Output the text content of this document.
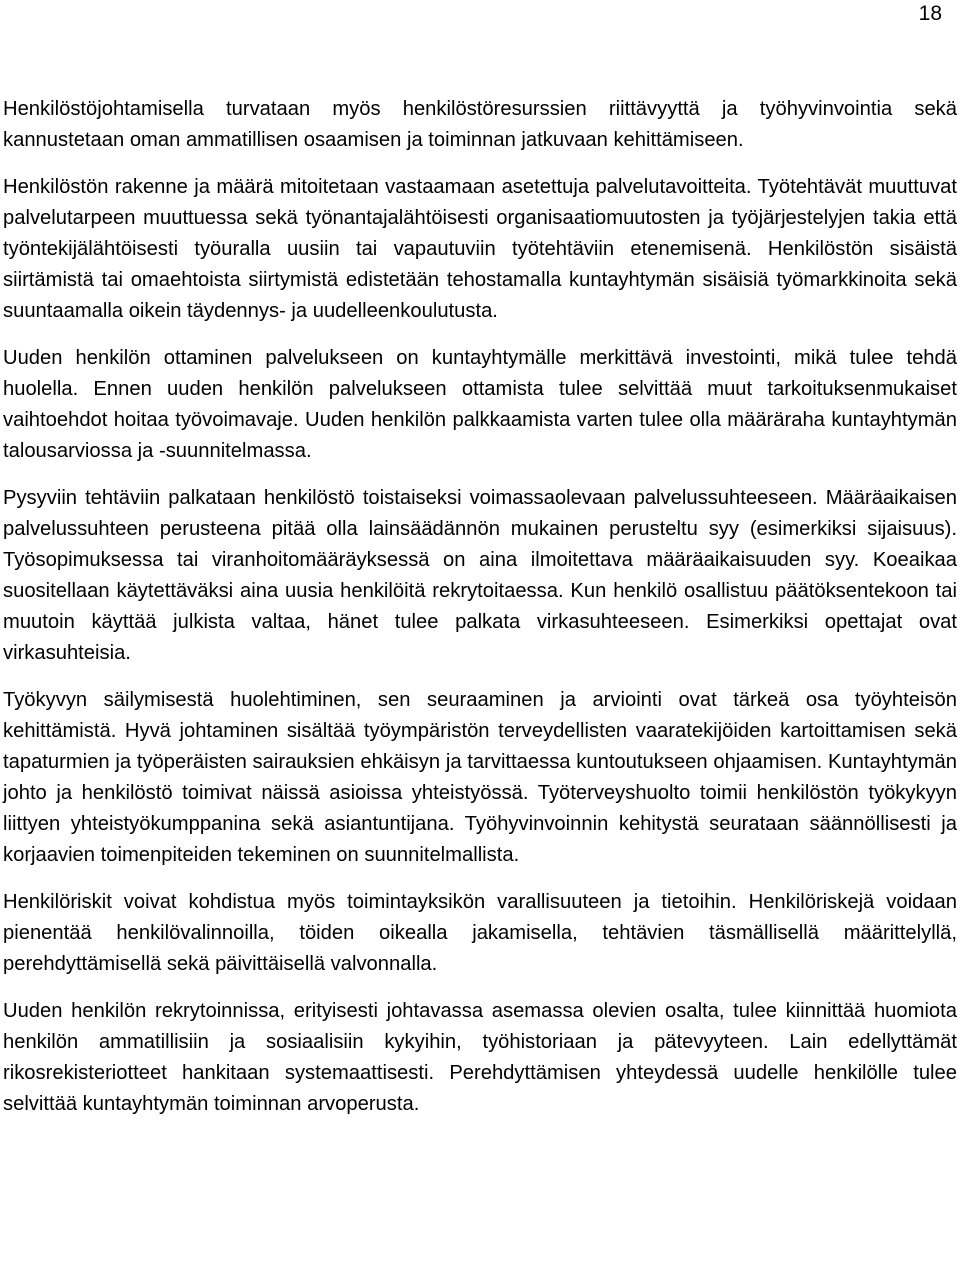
18

Henkilöstöjohtamisella turvataan myös henkilöstöresurssien riittävyyttä ja työhyvinvointia sekä kannustetaan oman ammatillisen osaamisen ja toiminnan jatkuvaan kehittämiseen.

Henkilöstön rakenne ja määrä mitoitetaan vastaamaan asetettuja palvelutavoitteita. Työtehtävät muuttuvat palvelutarpeen muuttuessa sekä työnantajalähtöisesti organisaatiomuutosten ja työjärjestelyjen takia että työntekijälähtöisesti työuralla uusiin tai vapautuviin työtehtäviin etenemisenä. Henkilöstön sisäistä siirtämistä tai omaehtoista siirtymistä edistetään tehostamalla kuntayhtymän sisäisiä työmarkkinoita sekä suuntaamalla oikein täydennys- ja uudelleenkoulutusta.

Uuden henkilön ottaminen palvelukseen on kuntayhtymälle merkittävä investointi, mikä tulee tehdä huolella. Ennen uuden henkilön palvelukseen ottamista tulee selvittää muut tarkoituksenmukaiset vaihtoehdot hoitaa työvoimavaje. Uuden henkilön palkkaamista varten tulee olla määräraha kuntayhtymän talousarviossa ja -suunnitelmassa.

Pysyviin tehtäviin palkataan henkilöstö toistaiseksi voimassaolevaan palvelussuhteeseen. Määräaikaisen palvelussuhteen perusteena pitää olla lainsäädännön mukainen perusteltu syy (esimerkiksi sijaisuus). Työsopimuksessa tai viranhoitomääräyksessä on aina ilmoitettava määräaikaisuuden syy. Koeaikaa suositellaan käytettäväksi aina uusia henkilöitä rekrytoitaessa. Kun henkilö osallistuu päätöksentekoon tai muutoin käyttää julkista valtaa, hänet tulee palkata virkasuhteeseen. Esimerkiksi opettajat ovat virkasuhteisia.

Työkyvyn säilymisestä huolehtiminen, sen seuraaminen ja arviointi ovat tärkeä osa työyhteisön kehittämistä. Hyvä johtaminen sisältää työympäristön terveydellisten vaaratekijöiden kartoittamisen sekä tapaturmien ja työperäisten sairauksien ehkäisyn ja tarvittaessa kuntoutukseen ohjaamisen. Kuntayhtymän johto ja henkilöstö toimivat näissä asioissa yhteistyössä. Työterveyshuolto toimii henkilöstön työkykyyn liittyen yhteistyökumppanina sekä asiantuntijana. Työhyvinvoinnin kehitystä seurataan säännöllisesti ja korjaavien toimenpiteiden tekeminen on suunnitelmallista.

Henkilöriskit voivat kohdistua myös toimintayksikön varallisuuteen ja tietoihin. Henkilöriskejä voidaan pienentää henkilövalinnoilla, töiden oikealla jakamisella, tehtävien täsmällisellä määrittelyllä, perehdyttämisellä sekä päivittäisellä valvonnalla.

Uuden henkilön rekrytoinnissa, erityisesti johtavassa asemassa olevien osalta, tulee kiinnittää huomiota henkilön ammatillisiin ja sosiaalisiin kykyihin, työhistoriaan ja pätevyyteen. Lain edellyttämät rikosrekisteriotteet hankitaan systemaattisesti. Perehdyttämisen yhteydessä uudelle henkilölle tulee selvittää kuntayhtymän toiminnan arvoperusta.
